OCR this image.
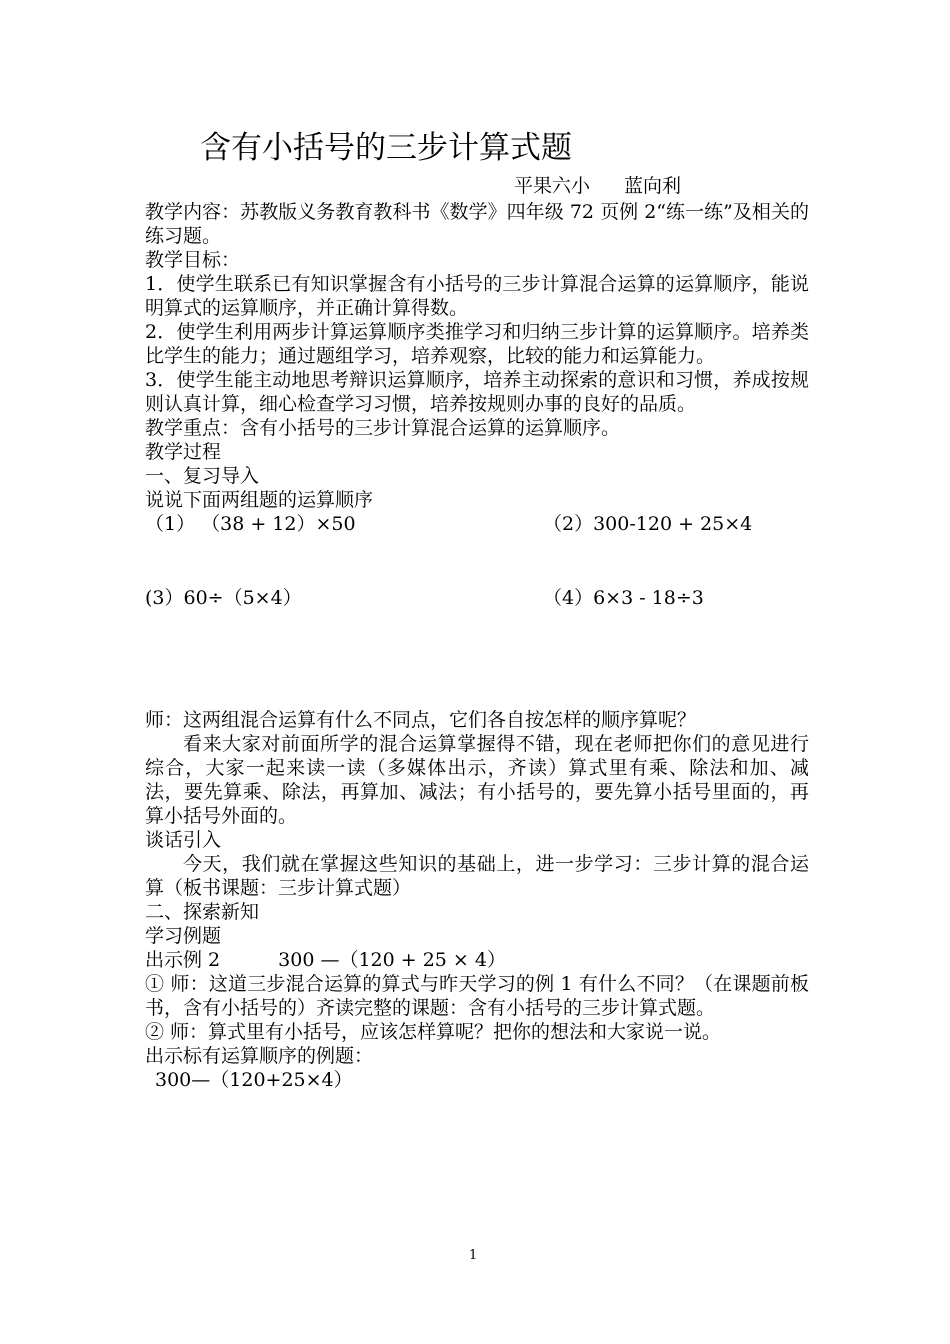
含有小括号的三步计算式题
平果六小 蓝向利
教学内容：苏教版义务教育教科书《数学》四年级 72 页例 2“练一练”及相关的练习题。
教学目标：
1．使学生联系已有知识掌握含有小括号的三步计算混合运算的运算顺序，能说明算式的运算顺序，并正确计算得数。
2．使学生利用两步计算运算顺序类推学习和归纳三步计算的运算顺序。培养类比学生的能力；通过题组学习，培养观察，比较的能力和运算能力。
3．使学生能主动地思考辩识运算顺序，培养主动探索的意识和习惯，养成按规则认真计算，细心检查学习习惯，培养按规则办事的良好的品质。
教学重点：含有小括号的三步计算混合运算的运算顺序。
教学过程
一、复习导入
说说下面两组题的运算顺序
（1） （38 + 12）×50	（2）300-120 + 25×4
(3）60÷（5×4）	（4）6×3 - 18÷3
师：这两组混合运算有什么不同点，它们各自按怎样的顺序算呢？
看来大家对前面所学的混合运算掌握得不错，现在老师把你们的意见进行综合，大家一起来读一读（多媒体出示，齐读）算式里有乘、除法和加、减法，要先算乘、除法，再算加、减法；有小括号的，要先算小括号里面的，再算小括号外面的。
谈话引入
今天，我们就在掌握这些知识的基础上，进一步学习：三步计算的混合运算（板书课题：三步计算式题）
二、探索新知
学习例题
出示例 2	300 —（120 + 25 × 4）
① 师：这道三步混合运算的算式与昨天学习的例 1 有什么不同？（在课题前板书，含有小括号的）齐读完整的课题：含有小括号的三步计算式题。
② 师：算式里有小括号，应该怎样算呢？把你的想法和大家说一说。
出示标有运算顺序的例题：
300—（120+25×4）
1
